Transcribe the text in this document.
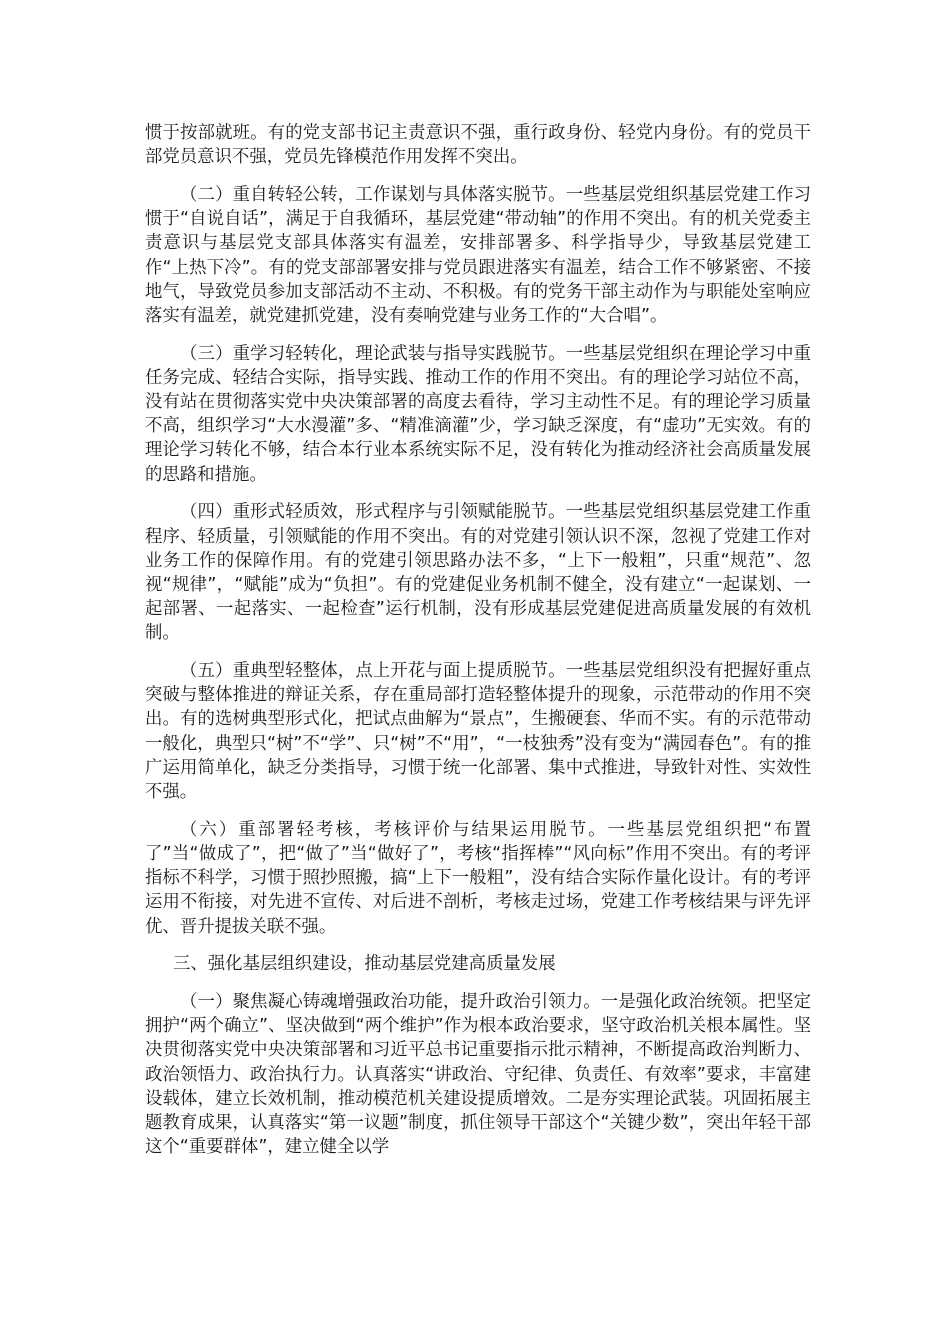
惯于按部就班。有的党支部书记主责意识不强，重行政身份、轻党内身份。有的党员干部党员意识不强，党员先锋模范作用发挥不突出。

（二）重自转轻公转，工作谋划与具体落实脱节。一些基层党组织基层党建工作习惯于“自说自话”，满足于自我循环，基层党建“带动轴”的作用不突出。有的机关党委主责意识与基层党支部具体落实有温差，安排部署多、科学指导少，导致基层党建工作“上热下冷”。有的党支部部署安排与党员跟进落实有温差，结合工作不够紧密、不接地气，导致党员参加支部活动不主动、不积极。有的党务干部主动作为与职能处室响应落实有温差，就党建抓党建，没有奏响党建与业务工作的“大合唱”。

（三）重学习轻转化，理论武装与指导实践脱节。一些基层党组织在理论学习中重任务完成、轻结合实际，指导实践、推动工作的作用不突出。有的理论学习站位不高，没有站在贯彻落实党中央决策部署的高度去看待，学习主动性不足。有的理论学习质量不高，组织学习“大水漫灌”多、“精准滴灌”少，学习缺乏深度，有“虚功”无实效。有的理论学习转化不够，结合本行业本系统实际不足，没有转化为推动经济社会高质量发展的思路和措施。

（四）重形式轻质效，形式程序与引领赋能脱节。一些基层党组织基层党建工作重程序、轻质量，引领赋能的作用不突出。有的对党建引领认识不深，忽视了党建工作对业务工作的保障作用。有的党建引领思路办法不多，“上下一般粗”，只重“规范”、忽视“规律”，“赋能”成为“负担”。有的党建促业务机制不健全，没有建立“一起谋划、一起部署、一起落实、一起检查”运行机制，没有形成基层党建促进高质量发展的有效机制。

（五）重典型轻整体，点上开花与面上提质脱节。一些基层党组织没有把握好重点突破与整体推进的辩证关系，存在重局部打造轻整体提升的现象，示范带动的作用不突出。有的选树典型形式化，把试点曲解为“景点”，生搬硬套、华而不实。有的示范带动一般化，典型只“树”不“学”、只“树”不“用”，“一枝独秀”没有变为“满园春色”。有的推广运用简单化，缺乏分类指导，习惯于统一化部署、集中式推进，导致针对性、实效性不强。

（六）重部署轻考核，考核评价与结果运用脱节。一些基层党组织把“布置了”当“做成了”，把“做了”当“做好了”，考核“指挥棒”“风向标”作用不突出。有的考评指标不科学，习惯于照抄照搬，搞“上下一般粗”，没有结合实际作量化设计。有的考评运用不衔接，对先进不宣传、对后进不剖析，考核走过场，党建工作考核结果与评先评优、晋升提拔关联不强。

三、强化基层组织建设，推动基层党建高质量发展

（一）聚焦凝心铸魂增强政治功能，提升政治引领力。一是强化政治统领。把坚定拥护“两个确立”、坚决做到“两个维护”作为根本政治要求，坚守政治机关根本属性。坚决贯彻落实党中央决策部署和习近平总书记重要指示批示精神，不断提高政治判断力、政治领悟力、政治执行力。认真落实“讲政治、守纪律、负责任、有效率”要求，丰富建设载体，建立长效机制，推动模范机关建设提质增效。二是夯实理论武装。巩固拓展主题教育成果，认真落实“第一议题”制度，抓住领导干部这个“关键少数”，突出年轻干部这个“重要群体”，建立健全以学
